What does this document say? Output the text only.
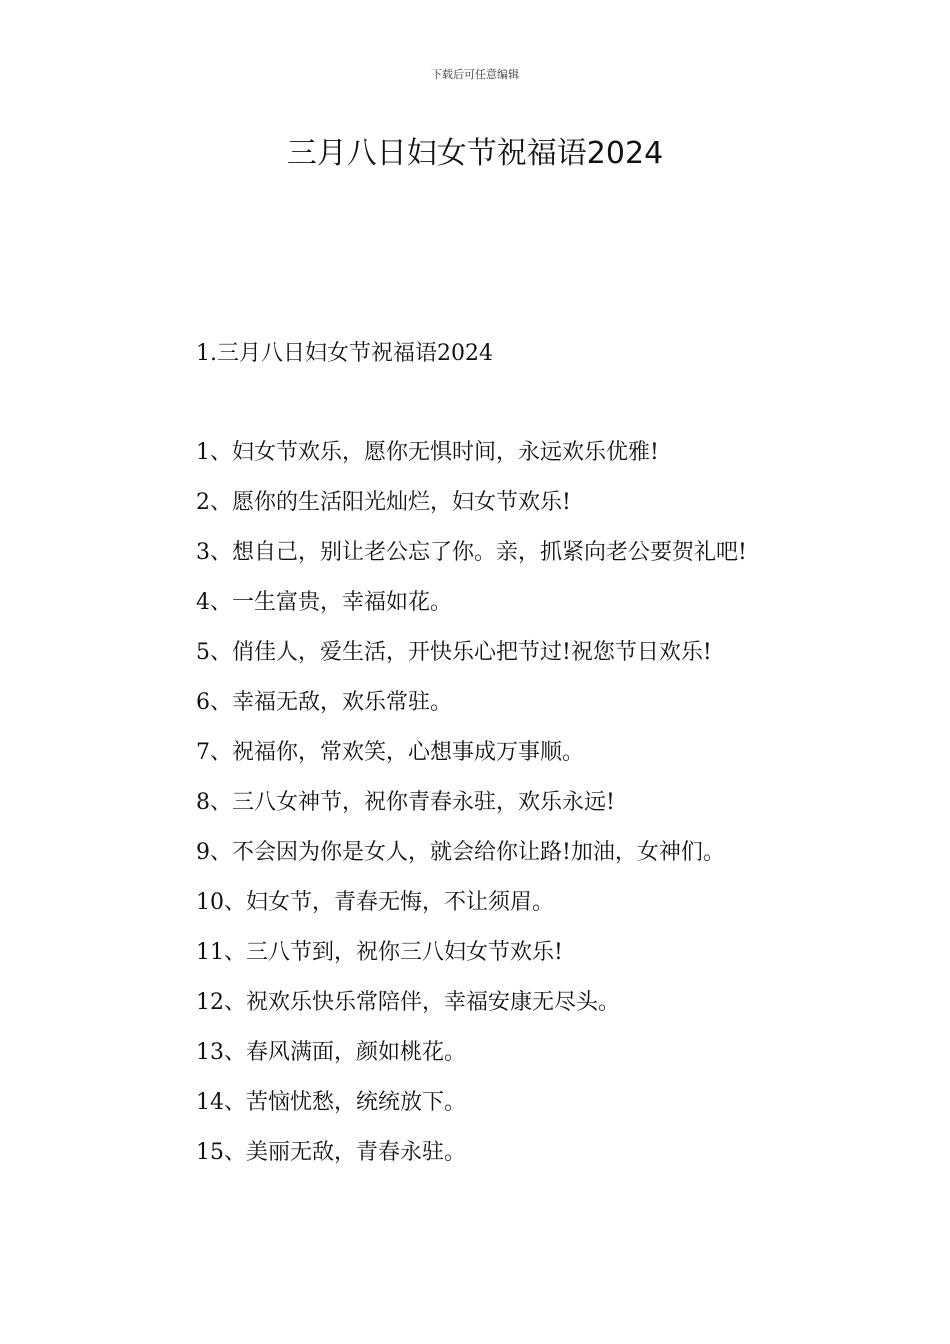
下载后可任意编辑
三月八日妇女节祝福语2024
1.三月八日妇女节祝福语2024
1、妇女节欢乐，愿你无惧时间，永远欢乐优雅!
2、愿你的生活阳光灿烂，妇女节欢乐!
3、想自己，别让老公忘了你。亲，抓紧向老公要贺礼吧!
4、一生富贵，幸福如花。
5、俏佳人，爱生活，开快乐心把节过!祝您节日欢乐!
6、幸福无敌，欢乐常驻。
7、祝福你，常欢笑，心想事成万事顺。
8、三八女神节，祝你青春永驻，欢乐永远!
9、不会因为你是女人，就会给你让路!加油，女神们。
10、妇女节，青春无悔，不让须眉。
11、三八节到，祝你三八妇女节欢乐!
12、祝欢乐快乐常陪伴，幸福安康无尽头。
13、春风满面，颜如桃花。
14、苦恼忧愁，统统放下。
15、美丽无敌，青春永驻。
